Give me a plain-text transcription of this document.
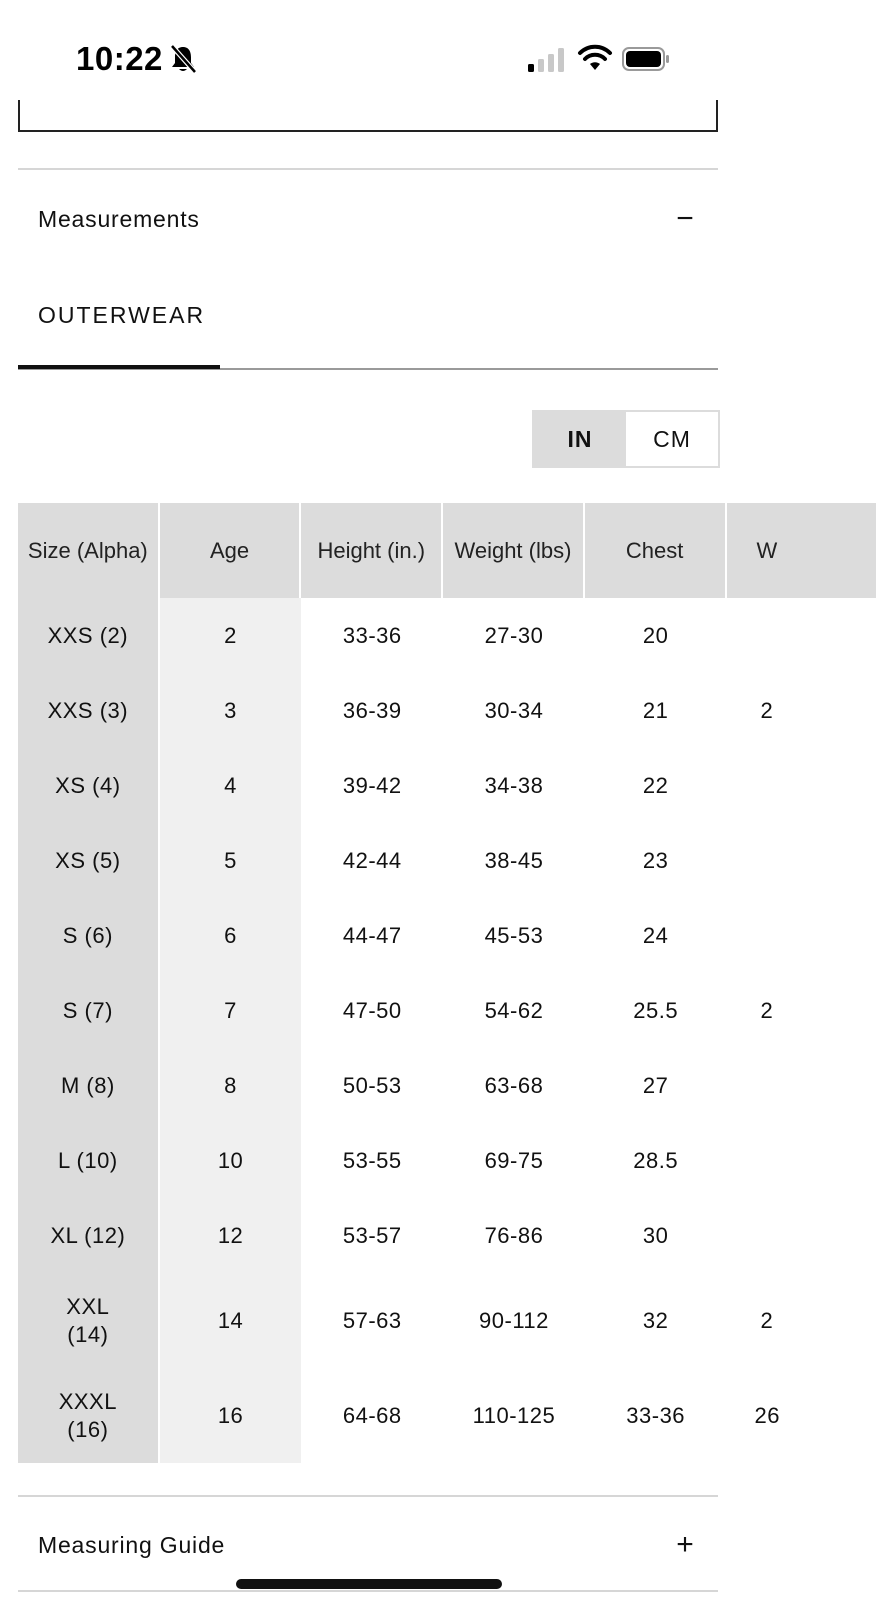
10:22
Measurements	−
OUTERWEAR
IN	CM
Size (Alpha)	Age	Height (in.)	Weight (lbs)	Chest	W
XXS (2)	2	33-36	27-30	20	
XXS (3)	3	36-39	30-34	21	2
XS (4)	4	39-42	34-38	22	
XS (5)	5	42-44	38-45	23	
S (6)	6	44-47	45-53	24	
S (7)	7	47-50	54-62	25.5	2
M (8)	8	50-53	63-68	27	
L (10)	10	53-55	69-75	28.5	
XL (12)	12	53-57	76-86	30	
XXL (14)	14	57-63	90-112	32	2
XXXL (16)	16	64-68	110-125	33-36	26
Measuring Guide	+
